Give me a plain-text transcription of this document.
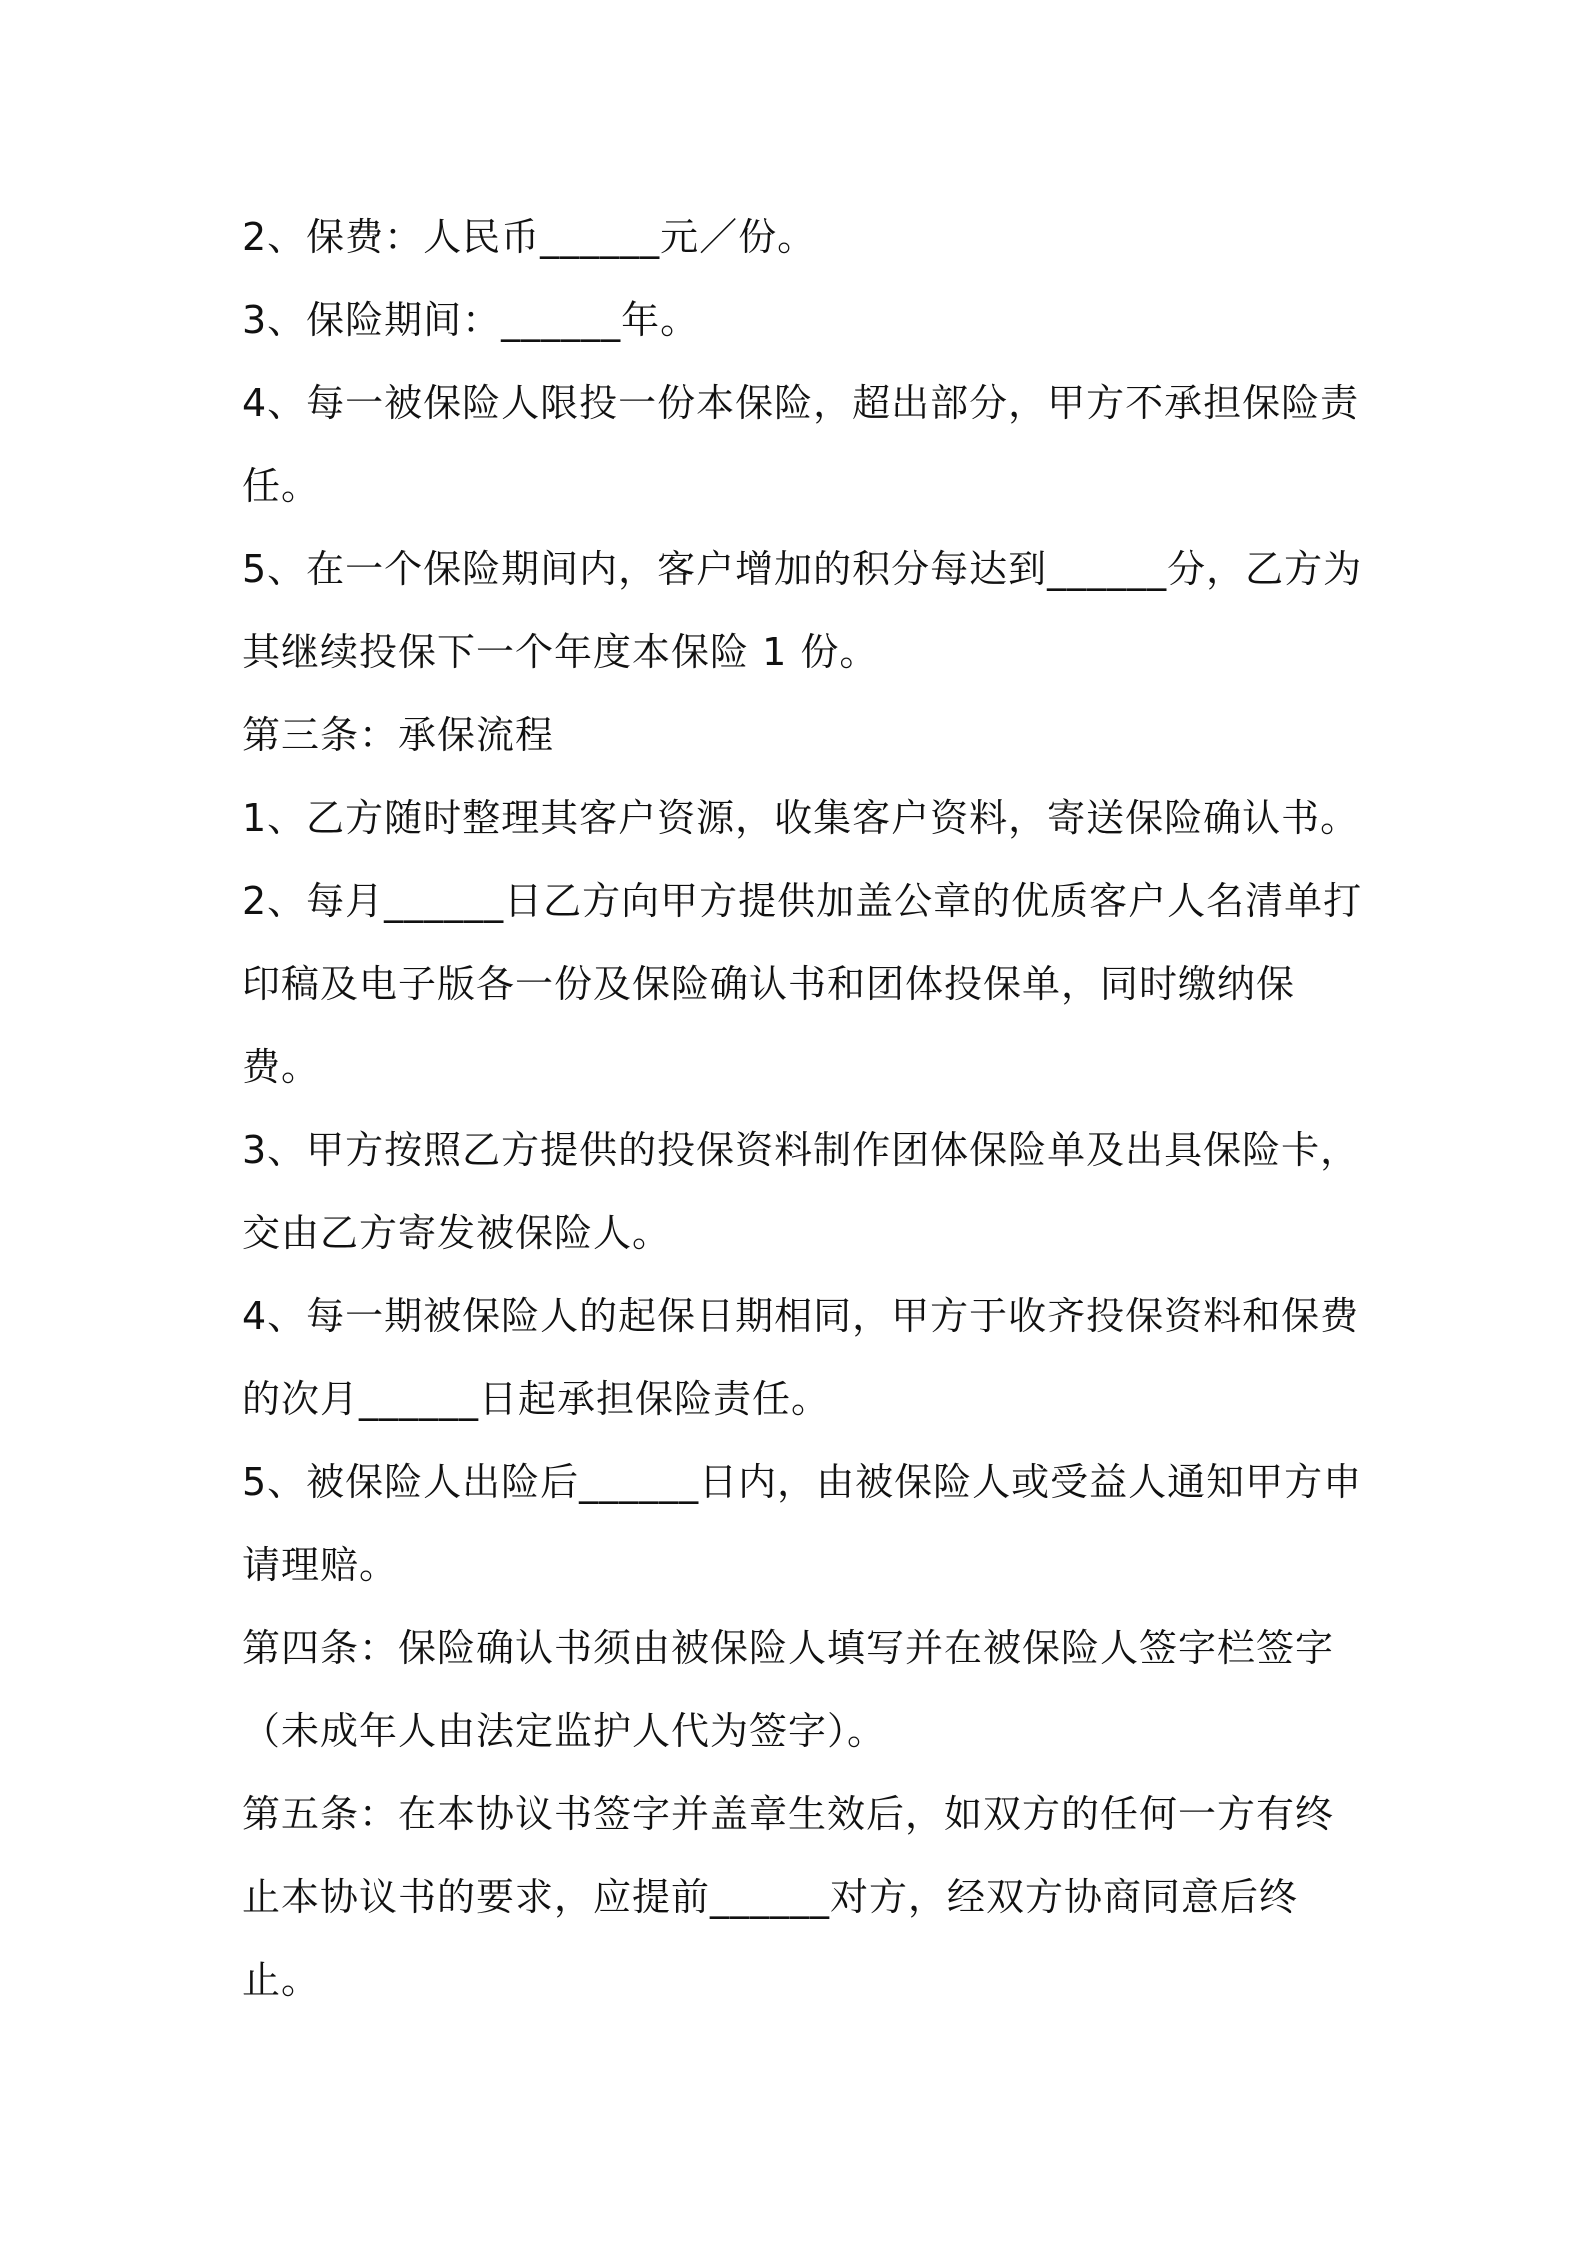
2、保费：人民币______元／份。

3、保险期间：______年。

4、每一被保险人限投一份本保险，超出部分，甲方不承担保险责任。

5、在一个保险期间内，客户增加的积分每达到______分，乙方为其继续投保下一个年度本保险 1 份。

第三条：承保流程

1、乙方随时整理其客户资源，收集客户资料，寄送保险确认书。

2、每月______日乙方向甲方提供加盖公章的优质客户人名清单打印稿及电子版各一份及保险确认书和团体投保单，同时缴纳保费。

3、甲方按照乙方提供的投保资料制作团体保险单及出具保险卡，交由乙方寄发被保险人。

4、每一期被保险人的起保日期相同，甲方于收齐投保资料和保费的次月______日起承担保险责任。

5、被保险人出险后______日内，由被保险人或受益人通知甲方申请理赔。

第四条：保险确认书须由被保险人填写并在被保险人签字栏签字（未成年人由法定监护人代为签字）。

第五条：在本协议书签字并盖章生效后，如双方的任何一方有终止本协议书的要求，应提前______对方，经双方协商同意后终止。
